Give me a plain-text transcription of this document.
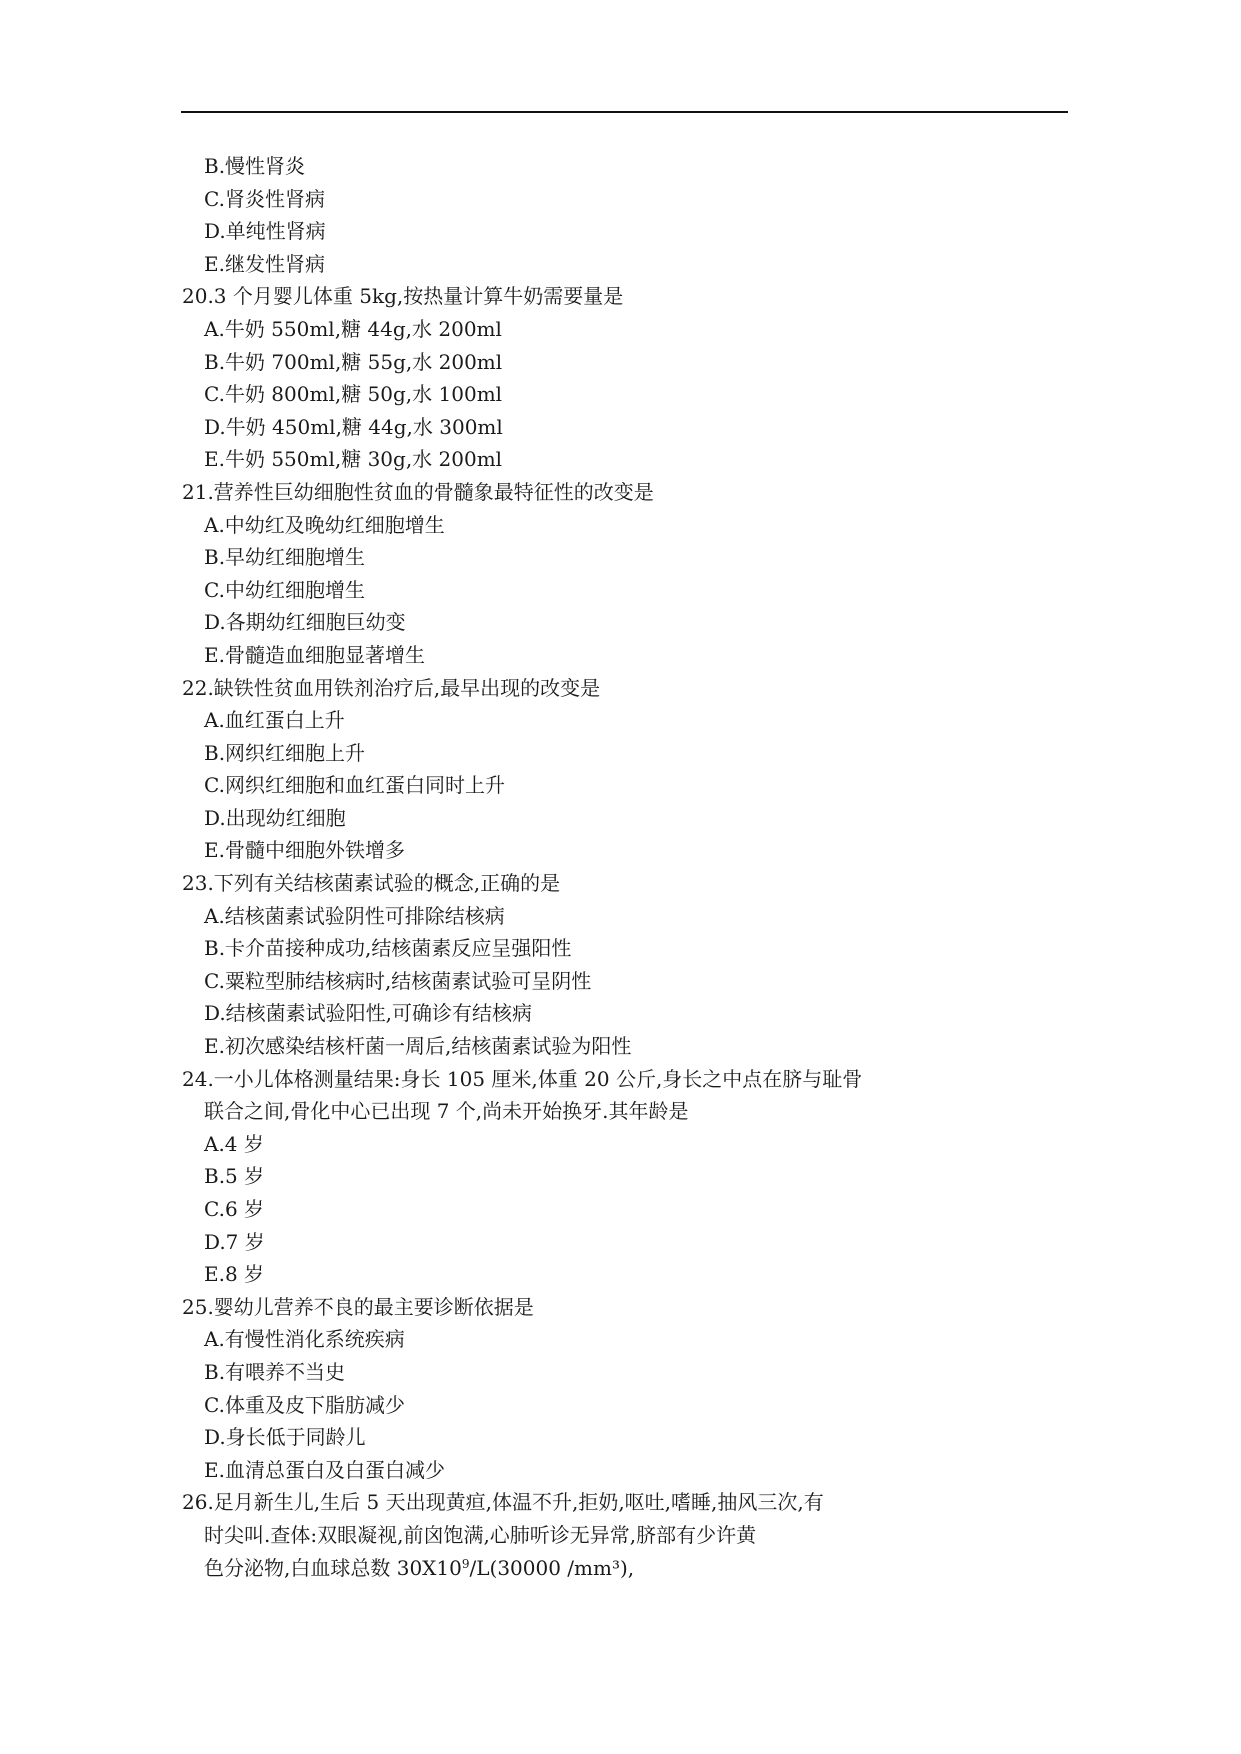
B.慢性肾炎
C.肾炎性肾病
D.单纯性肾病
E.继发性肾病
20.3 个月婴儿体重 5kg,按热量计算牛奶需要量是
A.牛奶 550ml,糖 44g,水 200ml
B.牛奶 700ml,糖 55g,水 200ml
C.牛奶 800ml,糖 50g,水 100ml
D.牛奶 450ml,糖 44g,水 300ml
E.牛奶 550ml,糖 30g,水 200ml
21.营养性巨幼细胞性贫血的骨髓象最特征性的改变是
A.中幼红及晚幼红细胞增生
B.早幼红细胞增生
C.中幼红细胞增生
D.各期幼红细胞巨幼变
E.骨髓造血细胞显著增生
22.缺铁性贫血用铁剂治疗后,最早出现的改变是
A.血红蛋白上升
B.网织红细胞上升
C.网织红细胞和血红蛋白同时上升
D.出现幼红细胞
E.骨髓中细胞外铁增多
23.下列有关结核菌素试验的概念,正确的是
A.结核菌素试验阴性可排除结核病
B.卡介苗接种成功,结核菌素反应呈强阳性
C.粟粒型肺结核病时,结核菌素试验可呈阴性
D.结核菌素试验阳性,可确诊有结核病
E.初次感染结核杆菌一周后,结核菌素试验为阳性
24.一小儿体格测量结果:身长 105 厘米,体重 20 公斤,身长之中点在脐与耻骨
联合之间,骨化中心已出现 7 个,尚未开始换牙.其年龄是
A.4 岁
B.5 岁
C.6 岁
D.7 岁
E.8 岁
25.婴幼儿营养不良的最主要诊断依据是
A.有慢性消化系统疾病
B.有喂养不当史
C.体重及皮下脂肪减少
D.身长低于同龄儿
E.血清总蛋白及白蛋白减少
26.足月新生儿,生后 5 天出现黄疸,体温不升,拒奶,呕吐,嗜睡,抽风三次,有
时尖叫.查体:双眼凝视,前囟饱满,心肺听诊无异常,脐部有少许黄
色分泌物,白血球总数 $30X10^9/L(30000$ /mm³),
